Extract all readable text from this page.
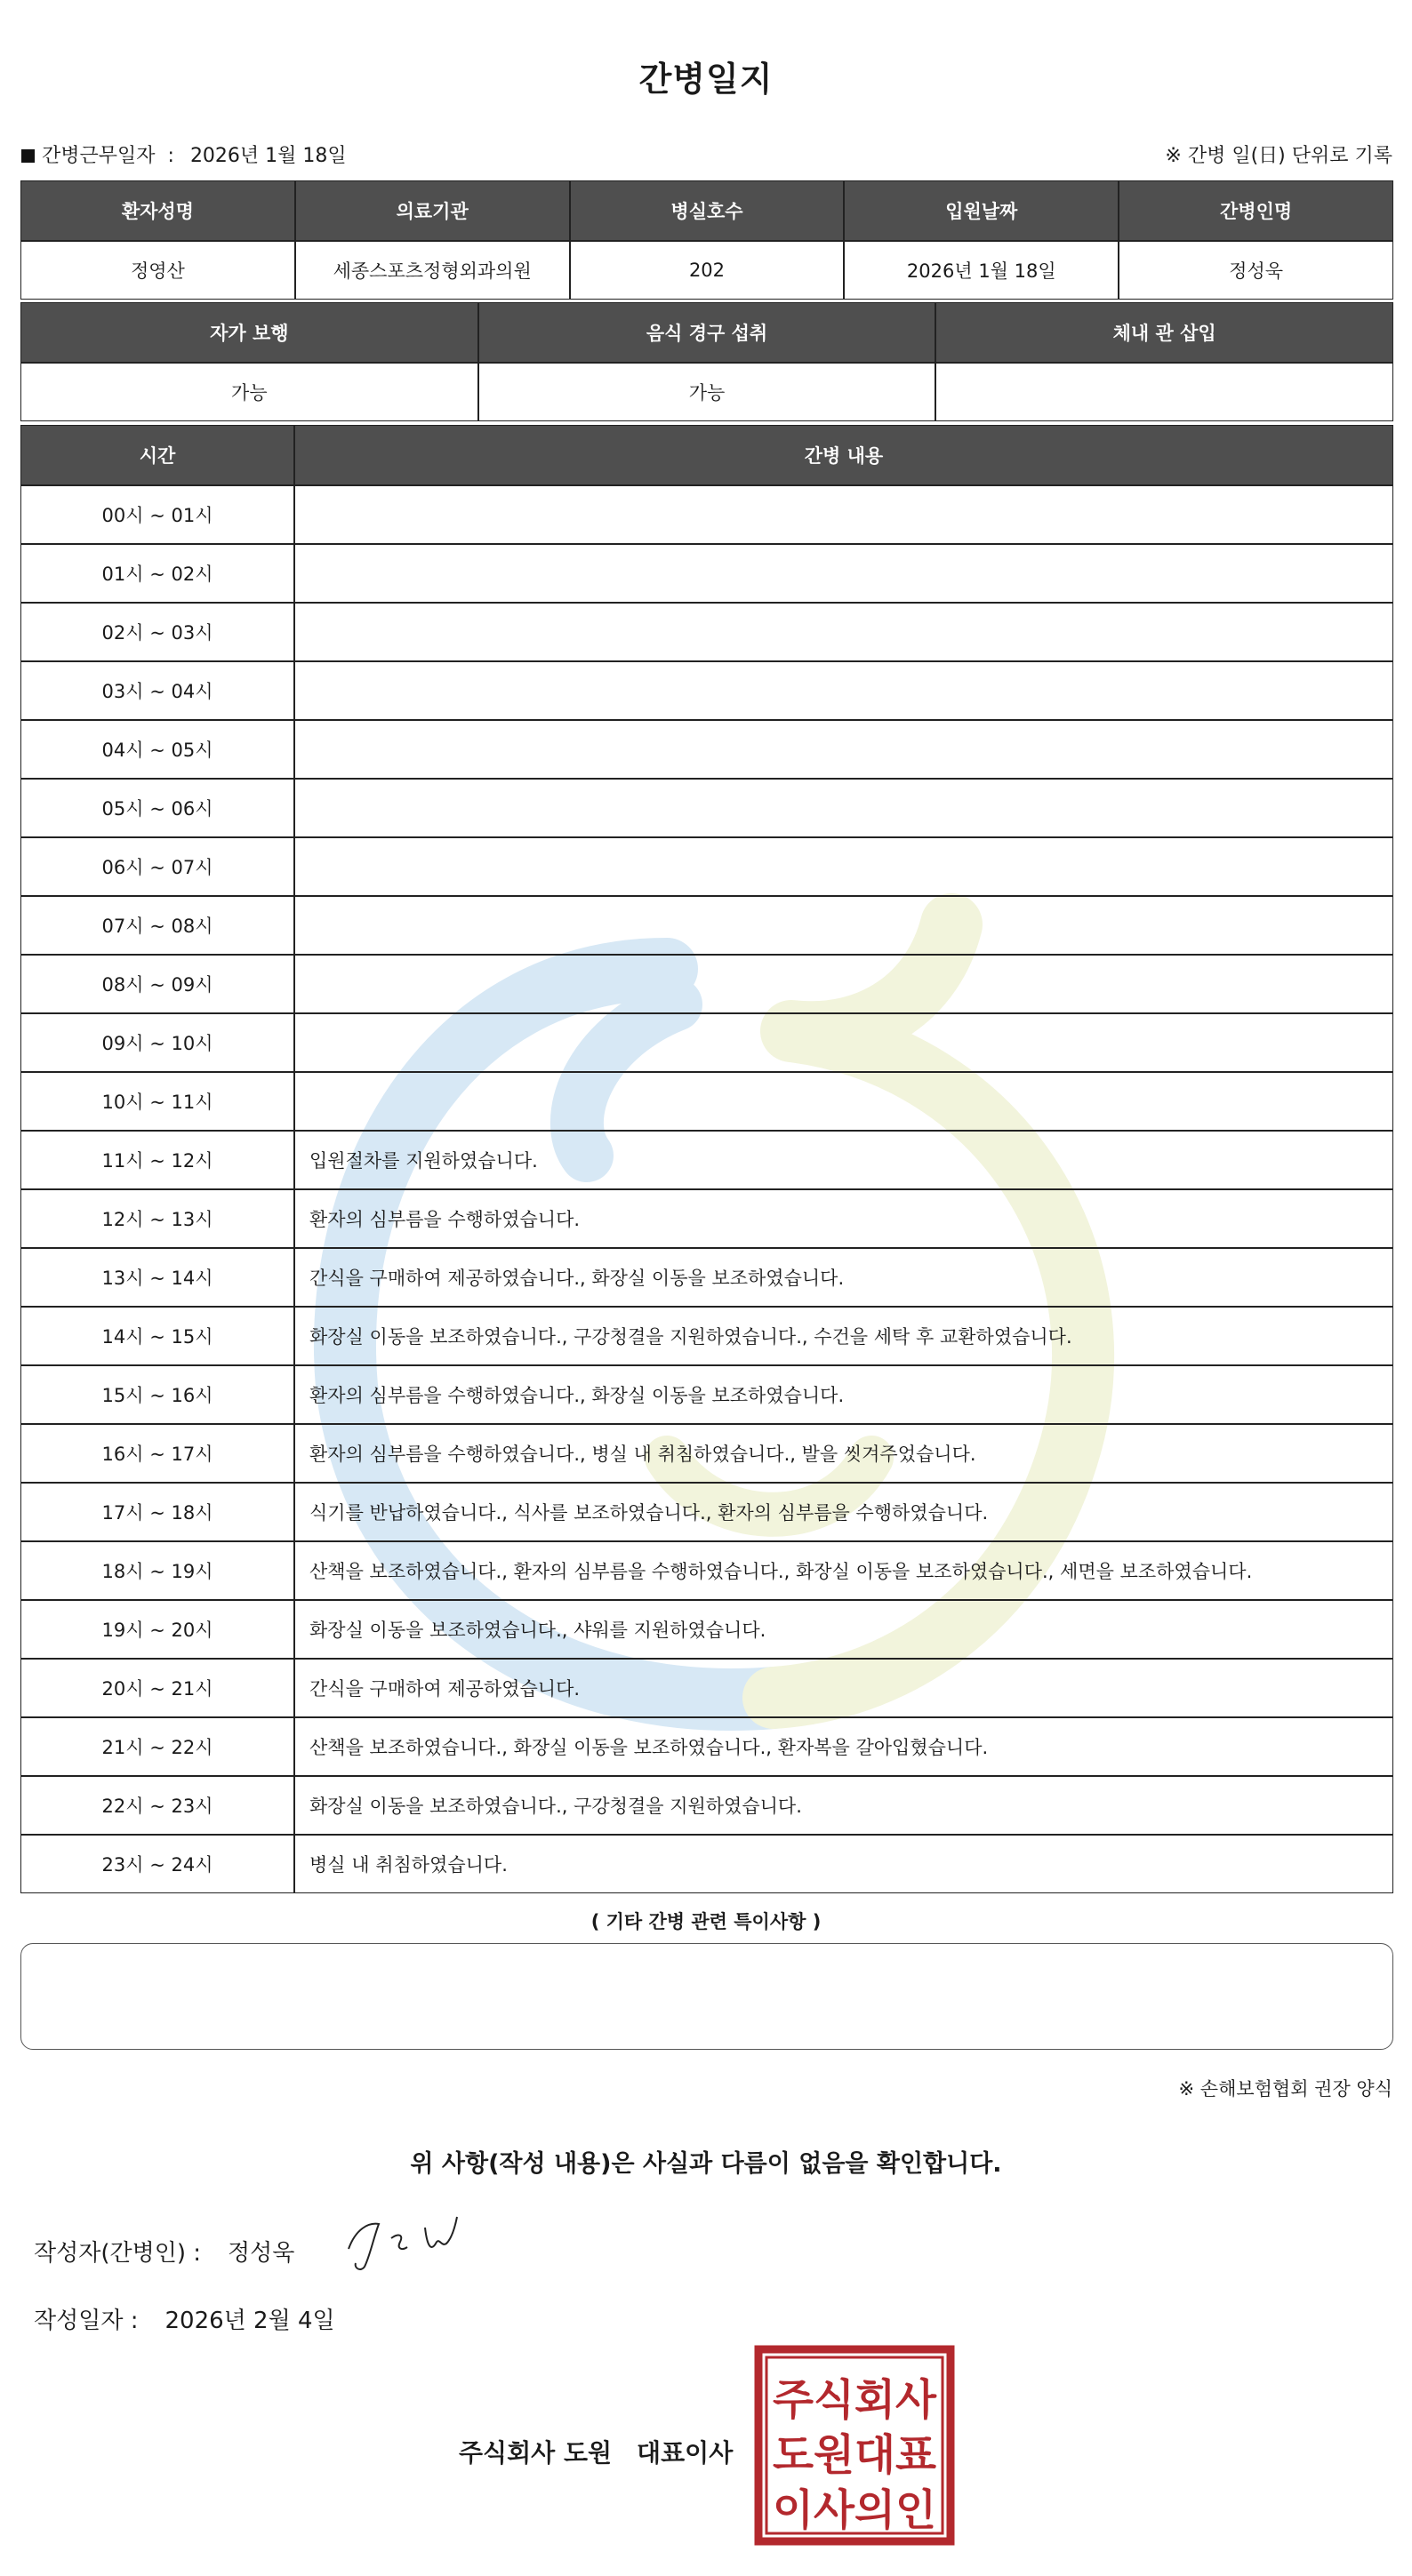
간병일지
간병근무일자 : 2026년 1월 18일	※ 간병 일(日) 단위로 기록
환자성명	의료기관	병실호수	입원날짜	간병인명
정영산	세종스포츠정형외과의원	202	2026년 1월 18일	정성욱
자가 보행	음식 경구 섭취	체내 관 삽입
가능	가능	
시간	간병 내용
00시 ~ 01시	
01시 ~ 02시	
02시 ~ 03시	
03시 ~ 04시	
04시 ~ 05시	
05시 ~ 06시	
06시 ~ 07시	
07시 ~ 08시	
08시 ~ 09시	
09시 ~ 10시	
10시 ~ 11시	
11시 ~ 12시	입원절차를 지원하였습니다.
12시 ~ 13시	환자의 심부름을 수행하였습니다.
13시 ~ 14시	간식을 구매하여 제공하였습니다., 화장실 이동을 보조하였습니다.
14시 ~ 15시	화장실 이동을 보조하였습니다., 구강청결을 지원하였습니다., 수건을 세탁 후 교환하였습니다.
15시 ~ 16시	환자의 심부름을 수행하였습니다., 화장실 이동을 보조하였습니다.
16시 ~ 17시	환자의 심부름을 수행하였습니다., 병실 내 취침하였습니다., 발을 씻겨주었습니다.
17시 ~ 18시	식기를 반납하였습니다., 식사를 보조하였습니다., 환자의 심부름을 수행하였습니다.
18시 ~ 19시	산책을 보조하였습니다., 환자의 심부름을 수행하였습니다., 화장실 이동을 보조하였습니다., 세면을 보조하였습니다.
19시 ~ 20시	화장실 이동을 보조하였습니다., 샤워를 지원하였습니다.
20시 ~ 21시	간식을 구매하여 제공하였습니다.
21시 ~ 22시	산책을 보조하였습니다., 화장실 이동을 보조하였습니다., 환자복을 갈아입혔습니다.
22시 ~ 23시	화장실 이동을 보조하였습니다., 구강청결을 지원하였습니다.
23시 ~ 24시	병실 내 취침하였습니다.
( 기타 간병 관련 특이사항 )
※ 손해보험협회 권장 양식
위 사항(작성 내용)은 사실과 다름이 없음을 확인합니다.
작성자(간병인) : 정성욱
작성일자 : 2026년 2월 4일
주식회사 도원 대표이사
주식회사
도원대표
이사의인
